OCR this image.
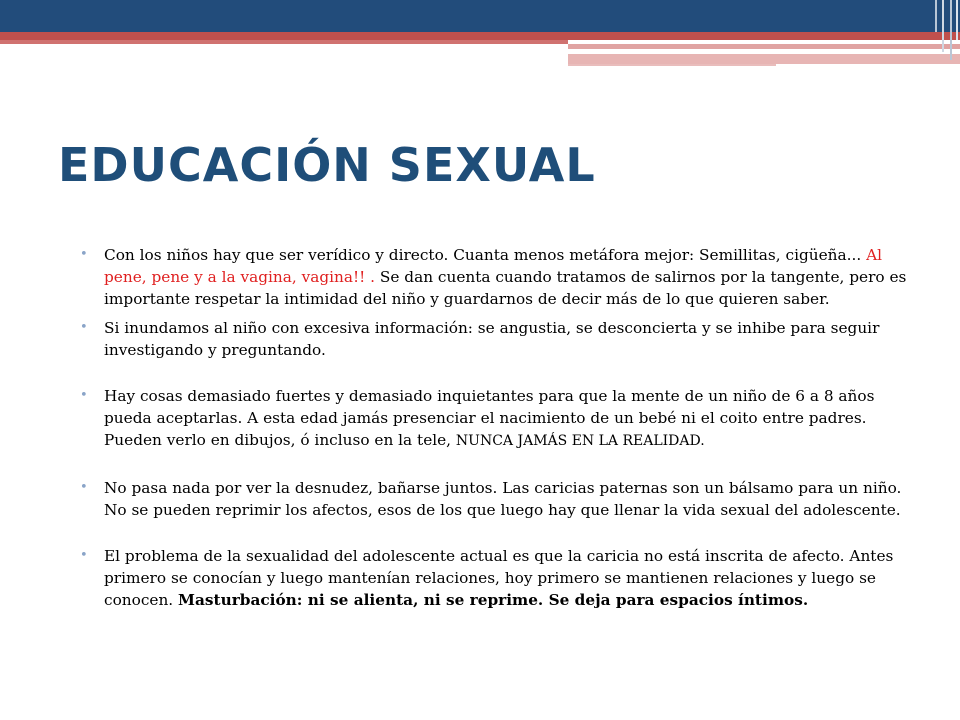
EDUCACIÓN SEXUAL
• Con los niños hay que ser verídico y directo. Cuanta menos metáfora mejor: Semillitas, cigüeña... Al pene, pene y a la vagina, vagina!! . Se dan cuenta cuando tratamos de salirnos por la tangente, pero es importante respetar la intimidad del niño y guardarnos de decir más de lo que quieren saber.
• Si inundamos al niño con excesiva información: se angustia, se desconcierta y se inhibe para seguir investigando y preguntando.
• Hay cosas demasiado fuertes y demasiado inquietantes para que la mente de un niño de 6 a 8 años pueda aceptarlas. A esta edad jamás presenciar el nacimiento de un bebé ni el coito entre padres. Pueden verlo en dibujos, ó incluso en la tele, NUNCA JAMÁS EN LA REALIDAD.
• No pasa nada por ver la desnudez, bañarse juntos. Las caricias paternas son un bálsamo para un niño. No se pueden reprimir los afectos, esos de los que luego hay que llenar la vida sexual del adolescente.
• El problema de la sexualidad del adolescente actual es que la caricia no está inscrita de afecto. Antes primero se conocían y luego mantenían relaciones, hoy primero se mantienen relaciones y luego se conocen. Masturbación: ni se alienta, ni se reprime. Se deja para espacios íntimos.
